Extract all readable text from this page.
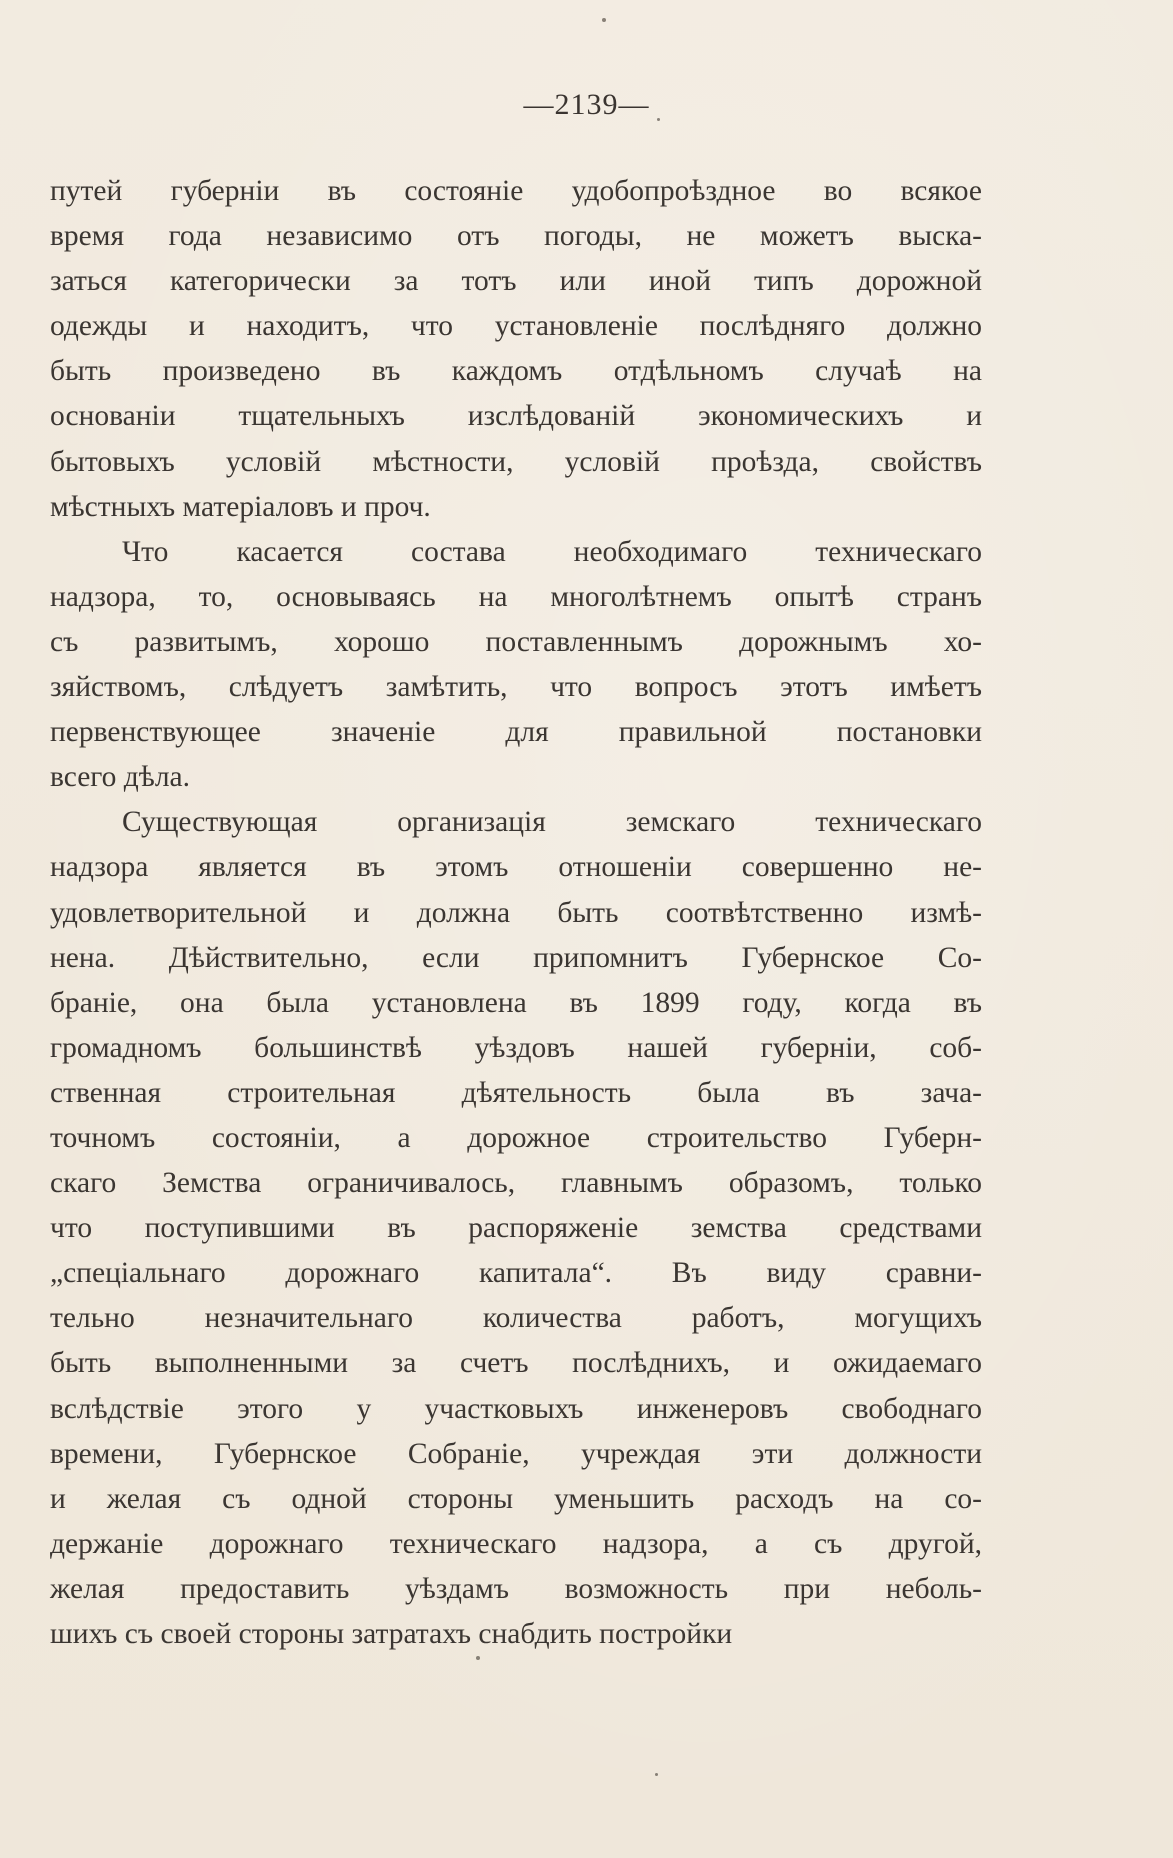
—2139—
путей губерніи въ состояніе удобопроѣздное во всякое
время года независимо отъ погоды, не можетъ выска-
заться категорически за тотъ или иной типъ дорожной
одежды и находитъ, что установленіе послѣдняго должно
быть произведено въ каждомъ отдѣльномъ случаѣ на
основаніи тщательныхъ изслѣдованій экономическихъ и
бытовыхъ условій мѣстности, условій проѣзда, свойствъ
мѣстныхъ матеріаловъ и проч.
Что касается состава необходимаго техническаго
надзора, то, основываясь на многолѣтнемъ опытѣ странъ
съ развитымъ, хорошо поставленнымъ дорожнымъ хо-
зяйствомъ, слѣдуетъ замѣтить, что вопросъ этотъ имѣетъ
первенствующее значеніе для правильной постановки
всего дѣла.
Существующая организація земскаго техническаго
надзора является въ этомъ отношеніи совершенно не-
удовлетворительной и должна быть соотвѣтственно измѣ-
нена. Дѣйствительно, если припомнитъ Губернское Со-
браніе, она была установлена въ 1899 году, когда въ
громадномъ большинствѣ уѣздовъ нашей губерніи, соб-
ственная строительная дѣятельность была въ зача-
точномъ состояніи, а дорожное строительство Губерн-
скаго Земства ограничивалось, главнымъ образомъ, только
что поступившими въ распоряженіе земства средствами
„спеціальнаго дорожнаго капитала“. Въ виду сравни-
тельно незначительнаго количества работъ, могущихъ
быть выполненными за счетъ послѣднихъ, и ожидаемаго
вслѣдствіе этого у участковыхъ инженеровъ свободнаго
времени, Губернское Собраніе, учреждая эти должности
и желая съ одной стороны уменьшить расходъ на со-
держаніе дорожнаго техническаго надзора, а съ другой,
желая предоставить уѣздамъ возможность при неболь-
шихъ съ своей стороны затратахъ снабдить постройки
